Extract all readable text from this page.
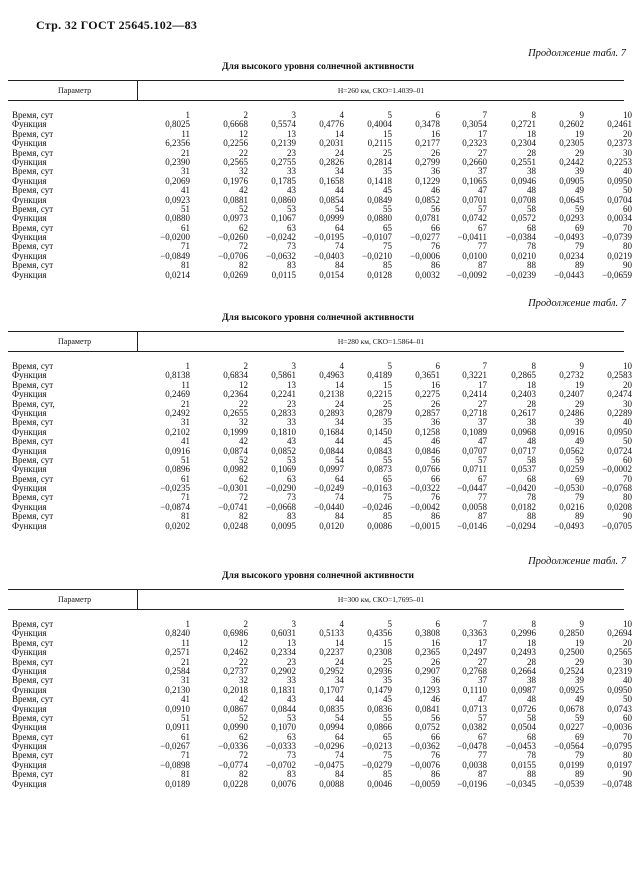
Стр. 32 ГОСТ 25645.102—83
Продолжение табл. 7
Для высокого уровня солнечной активности
Параметр	H=260 км, СКО=1.4039–01
Время, сут	1	2	3	4	5	6	7	8	9	10
Функция	0,8025	0,6668	0,5574	0,4776	0,4004	0,3478	0,3054	0,2721	0,2602	0,2461
Время, сут	11	12	13	14	15	16	17	18	19	20
Функция	6,2356	0,2256	0,2139	0,2031	0,2115	0,2177	0,2323	0,2304	0,2305	0,2373
Время, сут	21	22	23	24	25	26	27	28	29	30
Функция	0,2390	0,2565	0,2755	0,2826	0,2814	0,2799	0,2660	0,2551	0,2442	0,2253
Время, сут	31	32	33	34	35	36	37	38	39	40
Функция	0,2069	0,1976	0,1785	0,1658	0,1418	0,1229	0,1065	0,0946	0,0905	0,0950
Время, сут	41	42	43	44	45	46	47	48	49	50
Функция	0,0923	0,0881	0,0860	0,0854	0,0849	0,0852	0,0701	0,0708	0,0645	0,0704
Время, сут	51	52	53	54	55	56	57	58	59	60
Функция	0,0880	0,0973	0,1067	0,0999	0,0880	0,0781	0,0742	0,0572	0,0293	0,0034
Время, сут	61	62	63	64	65	66	67	68	69	70
Функция	−0,0200	−0,0260	−0,0242	−0,0195	−0,0107	−0,0277	−0,0411	−0,0384	−0,0493	−0,0739
Время, сут	71	72	73	74	75	76	77	78	79	80
Функция	−0,0849	−0,0706	−0,0632	−0,0403	−0,0210	−0,0006	0,0100	0,0210	0,0234	0,0219
Время, сут	81	82	83	84	85	86	87	88	89	90
Функция	0,0214	0,0269	0,0115	0,0154	0,0128	0,0032	−0,0092	−0,0239	−0,0443	−0,0659
Продолжение табл. 7
Для высокого уровня солнечной активности
Параметр	H=280 км, СКО=1.5864–01
Время, сут	1	2	3	4	5	6	7	8	9	10
Функция	0,8138	0,6834	0,5861	0,4963	0,4189	0,3651	0,3221	0,2865	0,2732	0,2583
Время, сут	11	12	13	14	15	16	17	18	19	20
Функция	0,2469	0,2364	0,2241	0,2138	0,2215	0,2275	0,2414	0,2403	0,2407	0,2474
Время, сут,	21	22	23	24	25	26	27	28	29	30
Функция	0,2492	0,2655	0,2833	0,2893	0,2879	0,2857	0,2718	0,2617	0,2486	0,2289
Время, сут	31	32	33	34	35	36	37	38	39	40
Функция	0,2102	0,1999	0,1810	0,1684	0,1450	0,1258	0,1089	0,0968	0,0916	0,0950
Время, сут	41	42	43	44	45	46	47	48	49	50
Функция	0,0916	0,0874	0,0852	0,0844	0,0843	0,0846	0,0707	0,0717	0,0562	0,0724
Время, сут	51	52	53	54	55	56	57	58	59	60
Функция	0,0896	0,0982	0,1069	0,0997	0,0873	0,0766	0,0711	0,0537	0,0259	−0,0002
Время, сут	61	62	63	64	65	66	67	68	69	70
Функция	−0,0235	−0,0301	−0,0290	−0,0249	−0,0163	−0,0322	−0,0447	−0,0420	−0,0530	−0,0768
Время, сут	71	72	73	74	75	76	77	78	79	80
Функция	−0,0874	−0,0741	−0,0668	−0,0440	−0,0246	−0,0042	0,0058	0,0182	0,0216	0,0208
Время, сут	81	82	83	84	85	86	87	88	89	90
Функция	0,0202	0,0248	0,0095	0,0120	0,0086	−0,0015	−0,0146	−0,0294	−0,0493	−0,0705
Продолжение табл. 7
Для высокого уровня солнечной активности
Параметр	H=300 км, СКО=1,7695–01
Время, сут	1	2	3	4	5	6	7	8	9	10
Функция	0,8240	0,6986	0,6031	0,5133	0,4356	0,3808	0,3363	0,2996	0,2850	0,2694
Время, сут	11	12	13	14	15	16	17	18	19	20
Функция	0,2571	0,2462	0,2334	0,2237	0,2308	0,2365	0,2497	0,2493	0,2500	0,2565
Время, сут	21	22	23	24	25	26	27	28	29	30
Функция	0,2584	0,2737	0,2902	0,2952	0,2936	0,2907	0,2768	0,2664	0,2524	0,2319
Время, сут	31	32	33	34	35	36	37	38	39	40
Функция	0,2130	0,2018	0,1831	0,1707	0,1479	0,1293	0,1110	0,0987	0,0925	0,0950
Время, сут	41	42	43	44	45	46	47	48	49	50
Функция	0,0910	0,0867	0,0844	0,0835	0,0836	0,0841	0,0713	0,0726	0,0678	0,0743
Время, сут	51	52	53	54	55	56	57	58	59	60
Функция	0,0911	0,0990	0,1070	0,0994	0,0866	0,0752	0,0382	0,0504	0,0227	−0,0036
Время, сут	61	62	63	64	65	66	67	68	69	70
Функция	−0,0267	−0,0336	−0,0333	−0,0296	−0,0213	−0,0362	−0,0478	−0,0453	−0,0564	−0,0795
Время, сут	71	72	73	74	75	76	77	78	79	80
Функция	−0,0898	−0,0774	−0,0702	−0,0475	−0,0279	−0,0076	0,0038	0,0155	0,0199	0,0197
Время, сут	81	82	83	84	85	86	87	88	89	90
Функция	0,0189	0,0228	0,0076	0,0088	0,0046	−0,0059	−0,0196	−0,0345	−0,0539	−0,0748
